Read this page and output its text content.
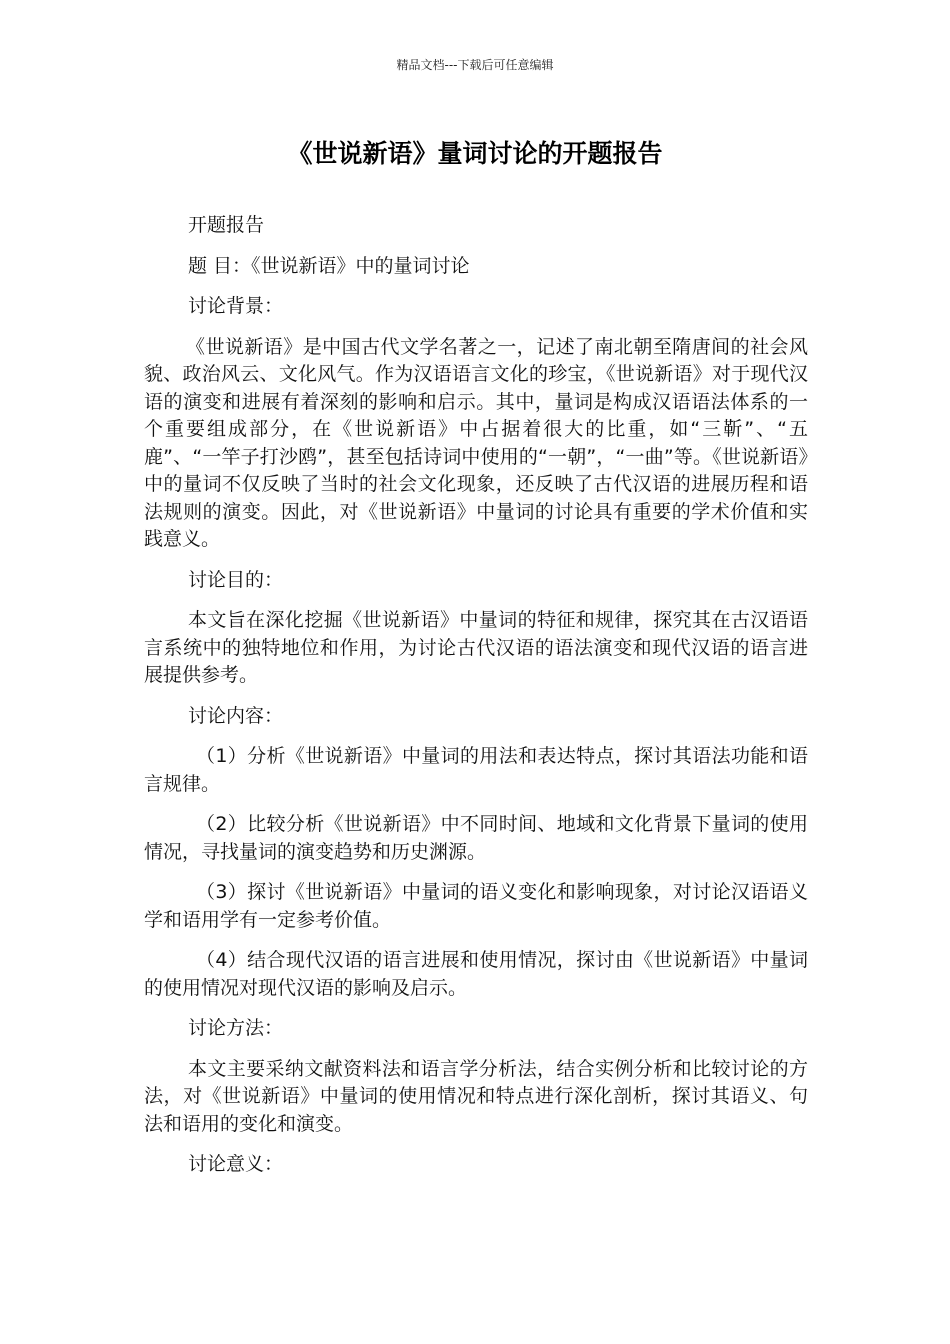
精品文档---下载后可任意编辑
《世说新语》量词讨论的开题报告

开题报告

题 目：《世说新语》中的量词讨论

讨论背景：

《世说新语》是中国古代文学名著之一，记述了南北朝至隋唐间的社会风貌、政治风云、文化风气。作为汉语语言文化的珍宝，《世说新语》对于现代汉语的演变和进展有着深刻的影响和启示。其中，量词是构成汉语语法体系的一个重要组成部分，在《世说新语》中占据着很大的比重，如“三靳”、“五鹿”、“一竿子打沙鸥”，甚至包括诗词中使用的“一朝”，“一曲”等。《世说新语》中的量词不仅反映了当时的社会文化现象，还反映了古代汉语的进展历程和语法规则的演变。因此，对《世说新语》中量词的讨论具有重要的学术价值和实践意义。

讨论目的：

本文旨在深化挖掘《世说新语》中量词的特征和规律，探究其在古汉语语言系统中的独特地位和作用，为讨论古代汉语的语法演变和现代汉语的语言进展提供参考。

讨论内容：

（1）分析《世说新语》中量词的用法和表达特点，探讨其语法功能和语言规律。

（2）比较分析《世说新语》中不同时间、地域和文化背景下量词的使用情况，寻找量词的演变趋势和历史渊源。

（3）探讨《世说新语》中量词的语义变化和影响现象，对讨论汉语语义学和语用学有一定参考价值。

（4）结合现代汉语的语言进展和使用情况，探讨由《世说新语》中量词的使用情况对现代汉语的影响及启示。

讨论方法：

本文主要采纳文献资料法和语言学分析法，结合实例分析和比较讨论的方法，对《世说新语》中量词的使用情况和特点进行深化剖析，探讨其语义、句法和语用的变化和演变。

讨论意义：
